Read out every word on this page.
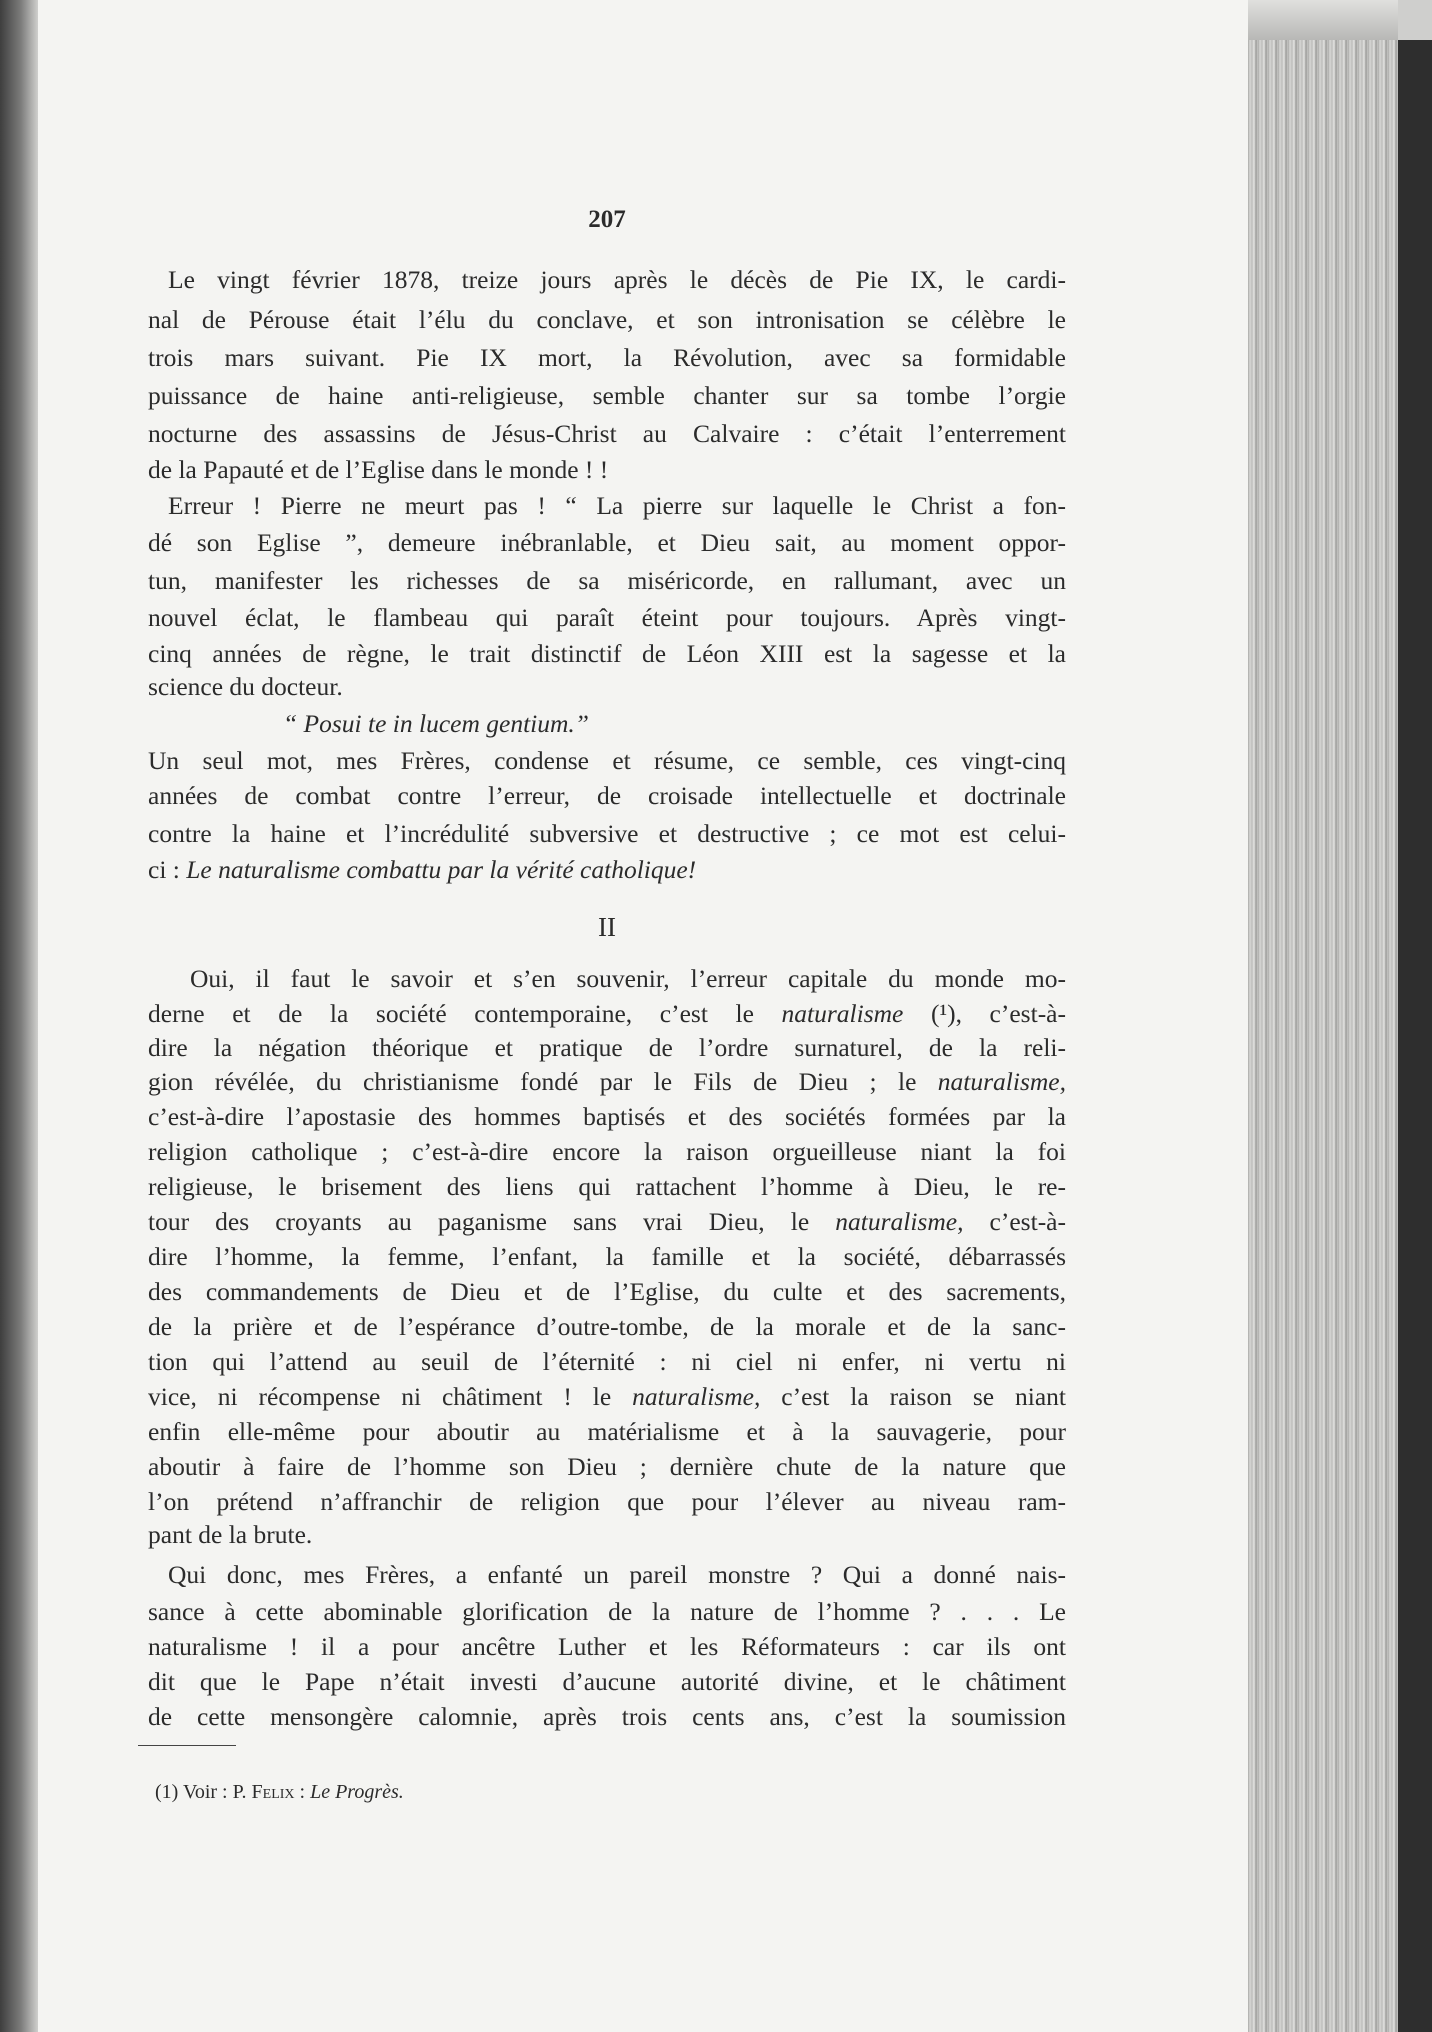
207
Le vingt février 1878, treize jours après le décès de Pie IX, le cardi-
nal de Pérouse était l’élu du conclave, et son intronisation se célèbre le
trois mars suivant. Pie IX mort, la Révolution, avec sa formidable
puissance de haine anti-religieuse, semble chanter sur sa tombe l’orgie
nocturne des assassins de Jésus-Christ au Calvaire : c’était l’enterrement
de la Papauté et de l’Eglise dans le monde ! !
Erreur ! Pierre ne meurt pas ! “ La pierre sur laquelle le Christ a fon-
dé son Eglise ”, demeure inébranlable, et Dieu sait, au moment oppor-
tun, manifester les richesses de sa miséricorde, en rallumant, avec un
nouvel éclat, le flambeau qui paraît éteint pour toujours. Après vingt-
cinq années de règne, le trait distinctif de Léon XIII est la sagesse et la
science du docteur.
“ Posui te in lucem gentium.”
Un seul mot, mes Frères, condense et résume, ce semble, ces vingt-cinq
années de combat contre l’erreur, de croisade intellectuelle et doctrinale
contre la haine et l’incrédulité subversive et destructive ; ce mot est celui-
ci : Le naturalisme combattu par la vérité catholique!
II
Oui, il faut le savoir et s’en souvenir, l’erreur capitale du monde mo-
derne et de la société contemporaine, c’est le naturalisme (¹), c’est-à-
dire la négation théorique et pratique de l’ordre surnaturel, de la reli-
gion révélée, du christianisme fondé par le Fils de Dieu ; le naturalisme,
c’est-à-dire l’apostasie des hommes baptisés et des sociétés formées par la
religion catholique ; c’est-à-dire encore la raison orgueilleuse niant la foi
religieuse, le brisement des liens qui rattachent l’homme à Dieu, le re-
tour des croyants au paganisme sans vrai Dieu, le naturalisme, c’est-à-
dire l’homme, la femme, l’enfant, la famille et la société, débarrassés
des commandements de Dieu et de l’Eglise, du culte et des sacrements,
de la prière et de l’espérance d’outre-tombe, de la morale et de la sanc-
tion qui l’attend au seuil de l’éternité : ni ciel ni enfer, ni vertu ni
vice, ni récompense ni châtiment ! le naturalisme, c’est la raison se niant
enfin elle-même pour aboutir au matérialisme et à la sauvagerie, pour
aboutir à faire de l’homme son Dieu ; dernière chute de la nature que
l’on prétend n’affranchir de religion que pour l’élever au niveau ram-
pant de la brute.
Qui donc, mes Frères, a enfanté un pareil monstre ? Qui a donné nais-
sance à cette abominable glorification de la nature de l’homme ? . . . Le
naturalisme ! il a pour ancêtre Luther et les Réformateurs : car ils ont
dit que le Pape n’était investi d’aucune autorité divine, et le châtiment
de cette mensongère calomnie, après trois cents ans, c’est la soumission
(1) Voir : P. Felix : Le Progrès.
